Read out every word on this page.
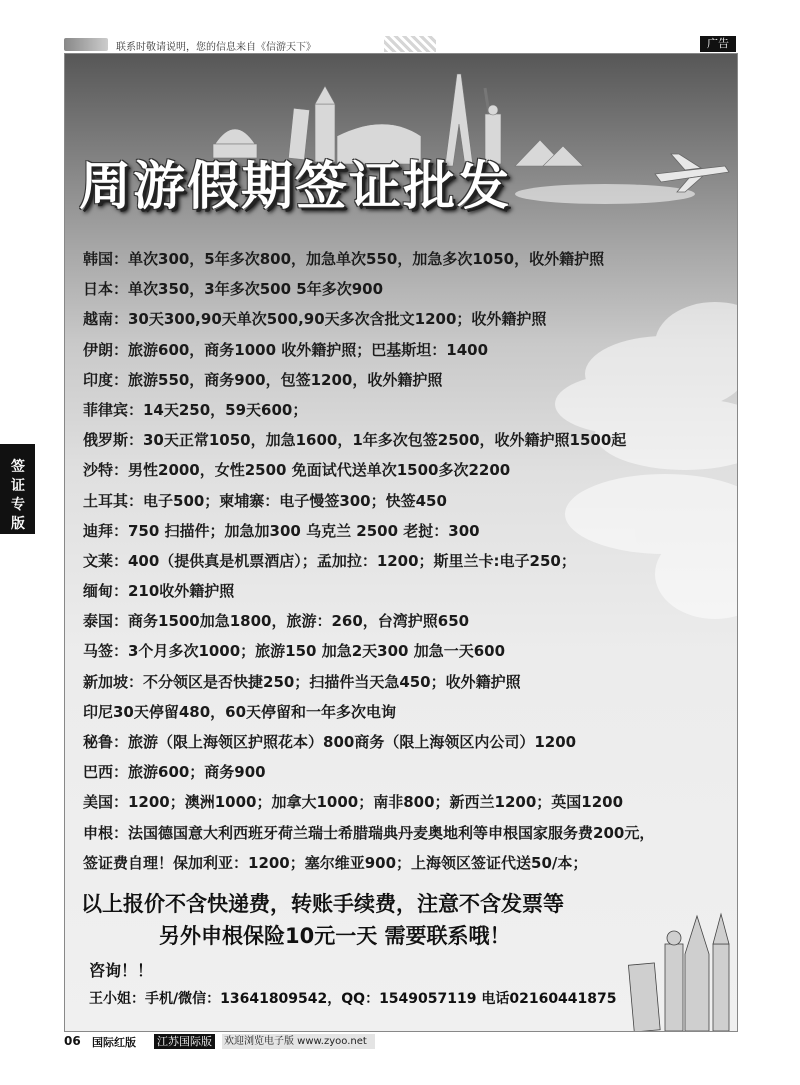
联系时敬请说明，您的信息来自《信游天下》	广告
签证专版
周游假期签证批发
韩国：单次300，5年多次800，加急单次550，加急多次1050，收外籍护照
日本：单次350，3年多次500 5年多次900
越南：30天300,90天单次500,90天多次含批文1200；收外籍护照
伊朗：旅游600，商务1000 收外籍护照；巴基斯坦：1400
印度：旅游550，商务900，包签1200，收外籍护照
菲律宾：14天250，59天600；
俄罗斯：30天正常1050，加急1600，1年多次包签2500，收外籍护照1500起
沙特：男性2000，女性2500 免面试代送单次1500多次2200
土耳其：电子500；柬埔寨：电子慢签300；快签450
迪拜：750 扫描件；加急加300 乌克兰 2500 老挝：300
文莱：400（提供真是机票酒店）；孟加拉：1200；斯里兰卡:电子250；
缅甸：210收外籍护照
泰国：商务1500加急1800，旅游：260，台湾护照650
马签：3个月多次1000；旅游150 加急2天300 加急一天600
新加坡：不分领区是否快捷250；扫描件当天急450；收外籍护照
印尼30天停留480，60天停留和一年多次电询
秘鲁：旅游（限上海领区护照花本）800商务（限上海领区内公司）1200
巴西：旅游600；商务900
美国：1200；澳洲1000；加拿大1000；南非800；新西兰1200；英国1200
申根：法国德国意大利西班牙荷兰瑞士希腊瑞典丹麦奥地利等申根国家服务费200元，
签证费自理！保加利亚：1200；塞尔维亚900；上海领区签证代送50/本；
以上报价不含快递费，转账手续费，注意不含发票等
另外申根保险10元一天 需要联系哦！
咨询！！
王小姐：手机/微信：13641809542，QQ：1549057119 电话02160441875
06 国际红版 江苏国际版	欢迎浏览电子版 www.zyoo.net
